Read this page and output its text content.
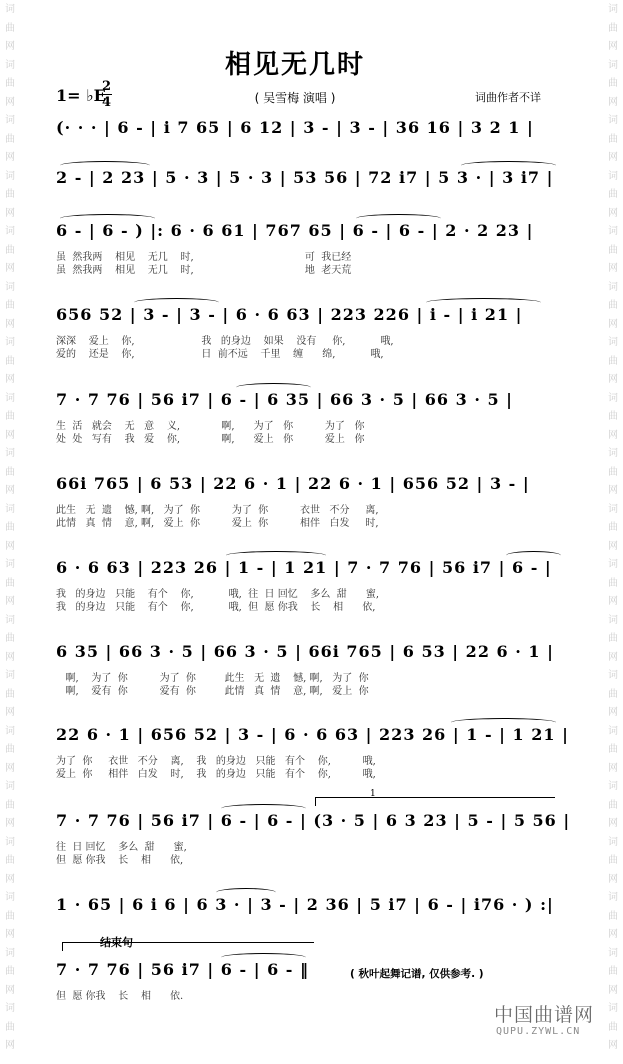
词
曲
网
词
曲
网
词
曲
网
词
曲
网
词
曲
网
词
曲
网
词
曲
网
词
曲
网
词
曲
网
词
曲
网
词
曲
网
词
曲
网
词
曲
网
词
曲
网
词
曲
网
词
曲
网
词
曲
网
词
曲
网
词
曲
网
词
曲
网
词
曲
网
词
曲
网
词
曲
网
词
曲
网
词
曲
网
词
曲
网
词
曲
网
词
曲
网
词
曲
网
词
曲
网
词
曲
网
词
曲
网
词
曲
网
词
曲
网
词
曲
网
词
曲
网
词
曲
网
词
曲
网
相见无几时
1= ♭E
2
4	( 吴雪梅 演唱 )	词曲作者不详
(· · · | 6 - | i 7 65 | 6 12 | 3 - | 3 - | 36 16 | 3 2 1 |
2 - | 2 23 | 5 · 3 | 5 · 3 | 53 56 | 72 i7 | 5 3 · | 3 i7 |
6 - | 6 - ) |: 6 · 6 61 | 767 65 | 6 - | 6 - | 2 · 2 23 |
虽  然我两    相见    无几    时,                                   可  我已经
虽  然我两    相见    无几    时,                                   地  老天荒
656 52 | 3 - | 3 - | 6 · 6 63 | 223 226 | i - | i 21 |
深深    爱上    你,                     我   的身边    如果    没有     你,           哦,
爱的    还是    你,                     日  前不远    千里    缠      绵,           哦,
7 · 7 76 | 56 i7 | 6 - | 6 35 | 66 3 · 5 | 66 3 · 5 |
生  活   就会    无   意    义,             啊,      为了   你          为了   你
处  处   写有    我   爱    你,             啊,      爱上   你          爱上   你
66i 765 | 6 53 | 22 6 · 1 | 22 6 · 1 | 656 52 | 3 - |
此生   无  遗    憾, 啊,   为了  你          为了  你          衣世   不分     离,
此情   真  情    意, 啊,   爱上  你          爱上  你          相伴   白发     时,
6 · 6 63 | 223 26 | 1 - | 1 21 | 7 · 7 76 | 56 i7 | 6 - |
我   的身边   只能    有个    你,           哦,  往  日 回忆    多么  甜      蜜,
我   的身边   只能    有个    你,           哦,  但  愿 你我    长    相      依,
6 35 | 66 3 · 5 | 66 3 · 5 | 66i 765 | 6 53 | 22 6 · 1 |
啊,    为了  你          为了  你         此生   无  遗    憾, 啊,   为了  你
啊,    爱有  你          爱有  你         此情   真  情    意, 啊,   爱上  你
22 6 · 1 | 656 52 | 3 - | 6 · 6 63 | 223 26 | 1 - | 1 21 |
为了  你     衣世   不分    离,    我   的身边   只能   有个    你,          哦,
爱上  你     相伴   白发    时,    我   的身边   只能   有个    你,          哦,
1
7 · 7 76 | 56 i7 | 6 - | 6 - | (3 · 5 | 6 3 23 | 5 - | 5 56 |
往  日 回忆    多么  甜      蜜,
但  愿 你我    长    相      依,
1 · 65 | 6 i 6 | 6 3 · | 3 - | 2 36 | 5 i7 | 6 - | i76 · ) :|
结束句
7 · 7 76 | 56 i7 | 6 - | 6 - ‖
但  愿 你我    长    相      依.
( 秋叶起舞记谱, 仅供参考. )
中国曲谱网
QUPU.ZYWL.CN
